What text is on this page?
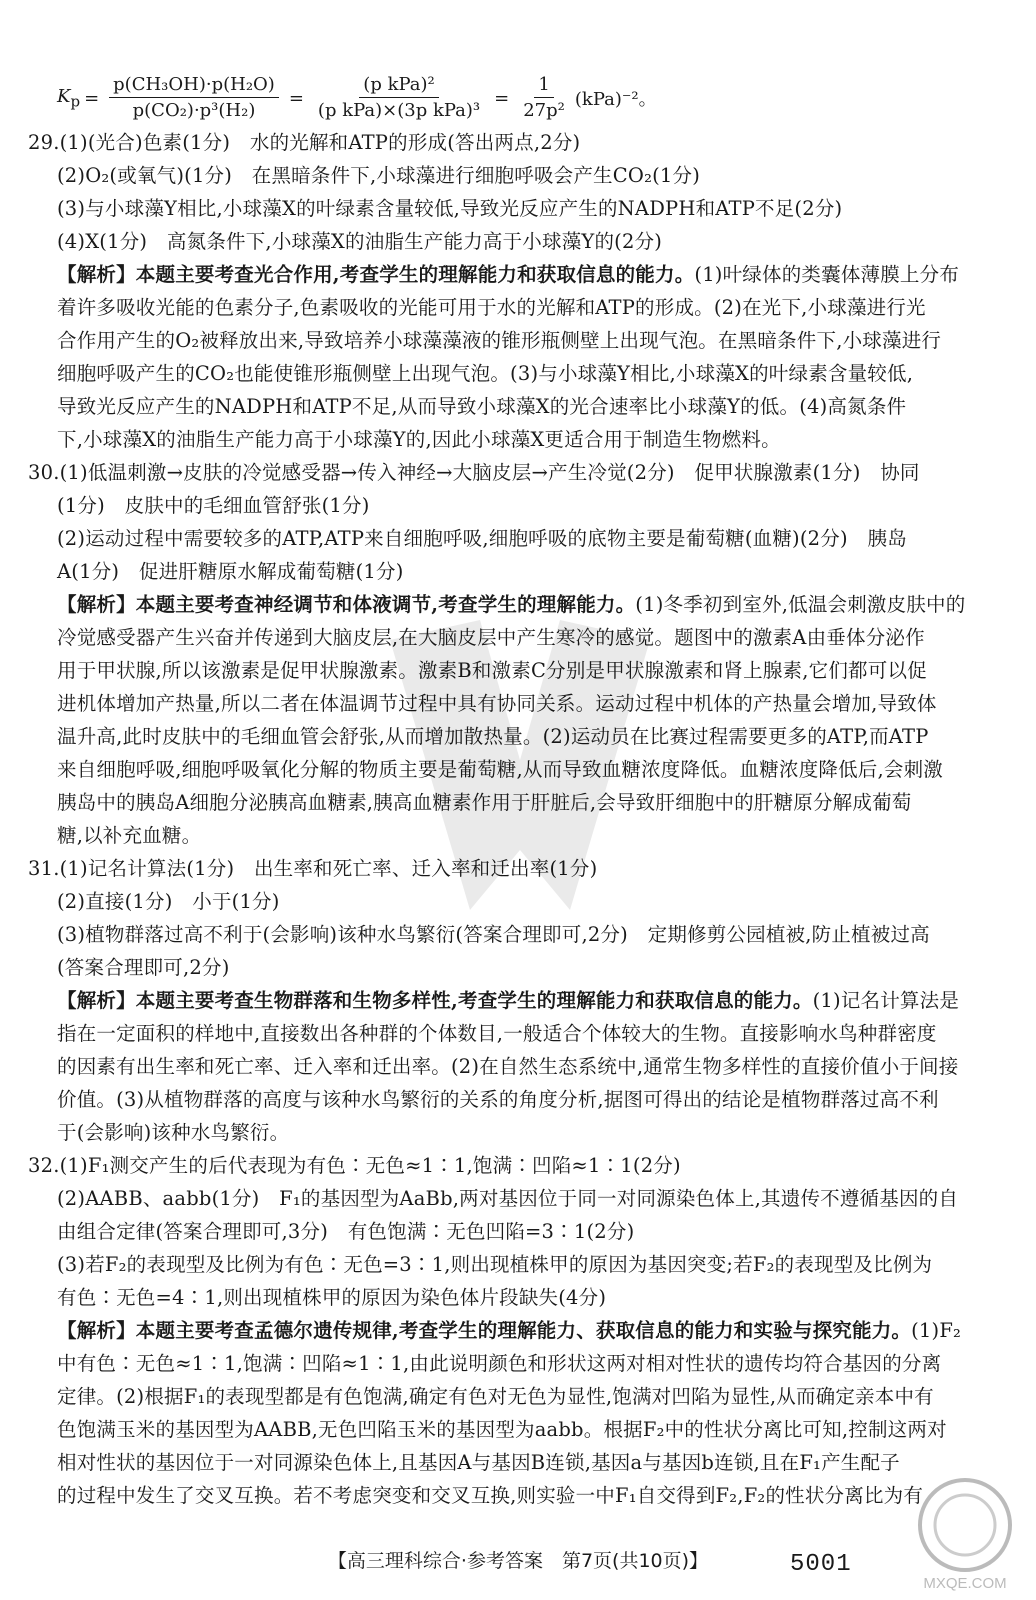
$K_p = \frac{\text{p(CH₃OH)·p(H₂O)}}{\text{p(CO₂)·p³(H₂)}} = \frac{\text{(p kPa)²}}{\text{(p kPa)×(3p kPa)³}} = \frac{1}{\text{27p²}} (kPa)^{-2}$。
29.(1)(光合)色素(1分)　水的光解和ATP的形成(答出两点,2分)
(2)O₂(或氧气)(1分)　在黑暗条件下,小球藻进行细胞呼吸会产生CO₂(1分)
(3)与小球藻Y相比,小球藻X的叶绿素含量较低,导致光反应产生的NADPH和ATP不足(2分)
(4)X(1分)　高氮条件下,小球藻X的油脂生产能力高于小球藻Y的(2分)
【解析】本题主要考查光合作用,考查学生的理解能力和获取信息的能力。(1)叶绿体的类囊体薄膜上分布
着许多吸收光能的色素分子,色素吸收的光能可用于水的光解和ATP的形成。(2)在光下,小球藻进行光
合作用产生的O₂被释放出来,导致培养小球藻藻液的锥形瓶侧壁上出现气泡。在黑暗条件下,小球藻进行
细胞呼吸产生的CO₂也能使锥形瓶侧壁上出现气泡。(3)与小球藻Y相比,小球藻X的叶绿素含量较低,
导致光反应产生的NADPH和ATP不足,从而导致小球藻X的光合速率比小球藻Y的低。(4)高氮条件
下,小球藻X的油脂生产能力高于小球藻Y的,因此小球藻X更适合用于制造生物燃料。
30.(1)低温刺激→皮肤的冷觉感受器→传入神经→大脑皮层→产生冷觉(2分)　促甲状腺激素(1分)　协同
(1分)　皮肤中的毛细血管舒张(1分)
(2)运动过程中需要较多的ATP,ATP来自细胞呼吸,细胞呼吸的底物主要是葡萄糖(血糖)(2分)　胰岛
A(1分)　促进肝糖原水解成葡萄糖(1分)
【解析】本题主要考查神经调节和体液调节,考查学生的理解能力。(1)冬季初到室外,低温会刺激皮肤中的
冷觉感受器产生兴奋并传递到大脑皮层,在大脑皮层中产生寒冷的感觉。题图中的激素A由垂体分泌作
用于甲状腺,所以该激素是促甲状腺激素。激素B和激素C分别是甲状腺激素和肾上腺素,它们都可以促
进机体增加产热量,所以二者在体温调节过程中具有协同关系。运动过程中机体的产热量会增加,导致体
温升高,此时皮肤中的毛细血管会舒张,从而增加散热量。(2)运动员在比赛过程需要更多的ATP,而ATP
来自细胞呼吸,细胞呼吸氧化分解的物质主要是葡萄糖,从而导致血糖浓度降低。血糖浓度降低后,会刺激
胰岛中的胰岛A细胞分泌胰高血糖素,胰高血糖素作用于肝脏后,会导致肝细胞中的肝糖原分解成葡萄
糖,以补充血糖。
31.(1)记名计算法(1分)　出生率和死亡率、迁入率和迁出率(1分)
(2)直接(1分)　小于(1分)
(3)植物群落过高不利于(会影响)该种水鸟繁衍(答案合理即可,2分)　定期修剪公园植被,防止植被过高
(答案合理即可,2分)
【解析】本题主要考查生物群落和生物多样性,考查学生的理解能力和获取信息的能力。(1)记名计算法是
指在一定面积的样地中,直接数出各种群的个体数目,一般适合个体较大的生物。直接影响水鸟种群密度
的因素有出生率和死亡率、迁入率和迁出率。(2)在自然生态系统中,通常生物多样性的直接价值小于间接
价值。(3)从植物群落的高度与该种水鸟繁衍的关系的角度分析,据图可得出的结论是植物群落过高不利
于(会影响)该种水鸟繁衍。
32.(1)F₁测交产生的后代表现为有色∶无色≈1∶1,饱满∶凹陷≈1∶1(2分)
(2)AABB、aabb(1分)　F₁的基因型为AaBb,两对基因位于同一对同源染色体上,其遗传不遵循基因的自
由组合定律(答案合理即可,3分)　有色饱满∶无色凹陷=3∶1(2分)
(3)若F₂的表现型及比例为有色∶无色=3∶1,则出现植株甲的原因为基因突变;若F₂的表现型及比例为
有色∶无色=4∶1,则出现植株甲的原因为染色体片段缺失(4分)
【解析】本题主要考查孟德尔遗传规律,考查学生的理解能力、获取信息的能力和实验与探究能力。(1)F₂
中有色∶无色≈1∶1,饱满∶凹陷≈1∶1,由此说明颜色和形状这两对相对性状的遗传均符合基因的分离
定律。(2)根据F₁的表现型都是有色饱满,确定有色对无色为显性,饱满对凹陷为显性,从而确定亲本中有
色饱满玉米的基因型为AABB,无色凹陷玉米的基因型为aabb。根据F₂中的性状分离比可知,控制这两对
相对性状的基因位于一对同源染色体上,且基因A与基因B连锁,基因a与基因b连锁,且在F₁产生配子
的过程中发生了交叉互换。若不考虑突变和交叉互换,则实验一中F₁自交得到F₂,F₂的性状分离比为有
【高三理科综合·参考答案　第7页(共10页)】	5001
MXQE.COM
